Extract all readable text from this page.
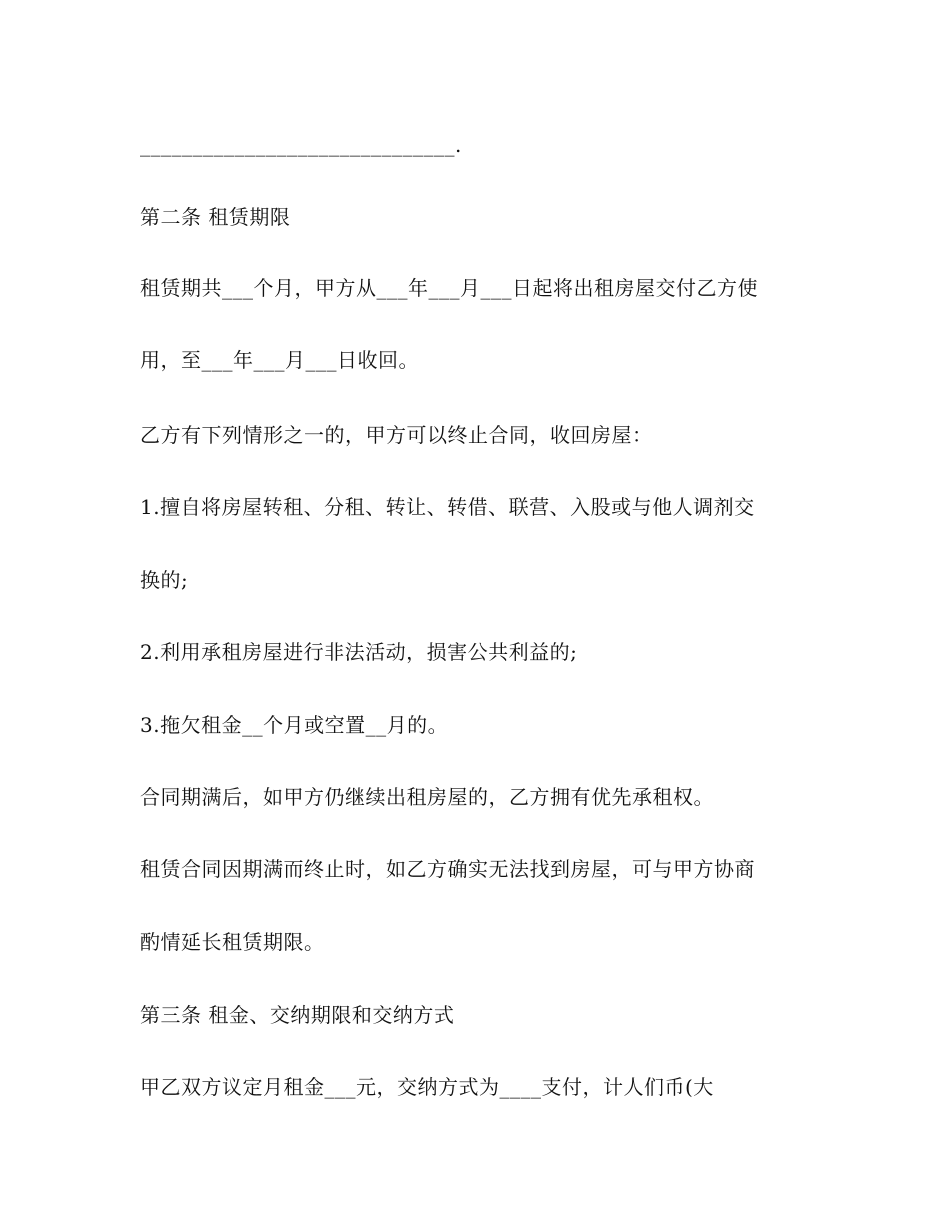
______________________________.
第二条 租赁期限
租赁期共___个月，甲方从___年___月___日起将出租房屋交付乙方使
用，至___年___月___日收回。
乙方有下列情形之一的，甲方可以终止合同，收回房屋：
1.擅自将房屋转租、分租、转让、转借、联营、入股或与他人调剂交
换的;
2.利用承租房屋进行非法活动，损害公共利益的;
3.拖欠租金__个月或空置__月的。
合同期满后，如甲方仍继续出租房屋的，乙方拥有优先承租权。
租赁合同因期满而终止时，如乙方确实无法找到房屋，可与甲方协商
酌情延长租赁期限。
第三条 租金、交纳期限和交纳方式
甲乙双方议定月租金___元，交纳方式为____支付，计人们币(大
